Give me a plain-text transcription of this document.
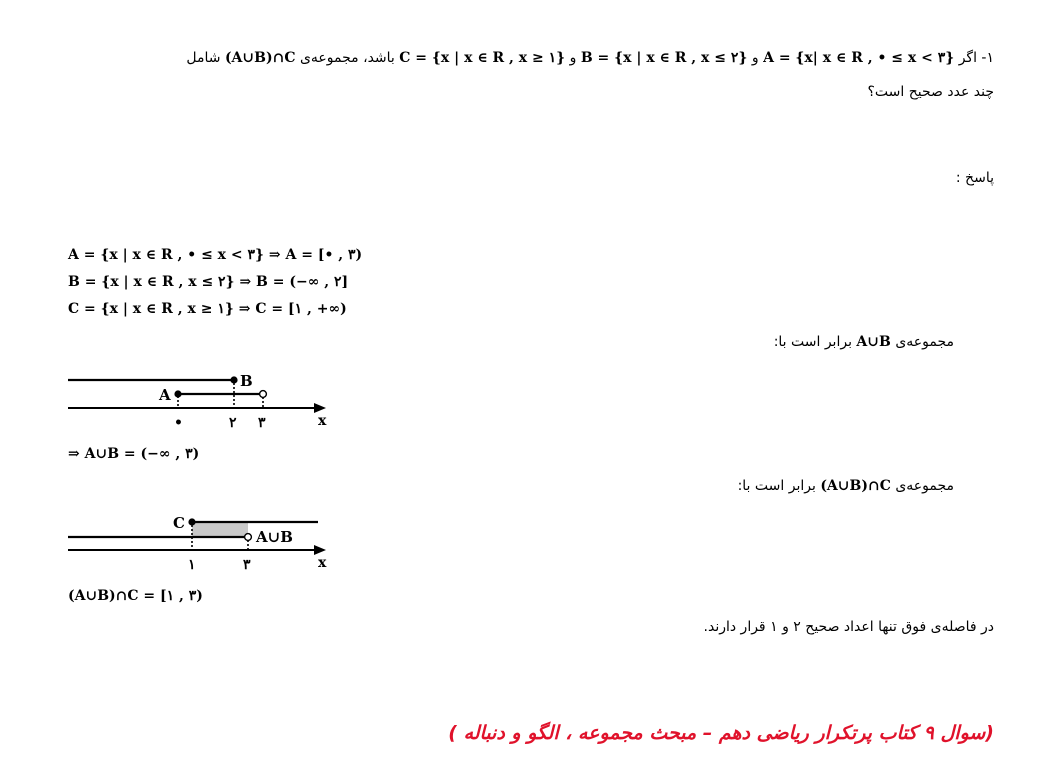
۱- اگر A = {x| x ∈ R , • ≤ x < ۳} و B = {x | x ∈ R , x ≤ ۲} و C = {x | x ∈ R , x ≥ ۱} باشد، مجموعه‌ی (A∪B)∩C شامل
چند عدد صحیح است؟
پاسخ :
A = {x | x ∈ R , • ≤ x < ۳} ⇒ A = [• , ۳)
B = {x | x ∈ R , x ≤ ۲} ⇒ B = (−∞ , ۲]
C = {x | x ∈ R , x ≥ ۱} ⇒ C = [۱ , +∞)
مجموعه‌ی A∪B برابر است با:
B
A
x
•	۲ ۳
C
A∪B
x
۱	۳
⇒ A∪B = (−∞ , ۳)
مجموعه‌ی (A∪B)∩C برابر است با:
(A∪B)∩C = [۱ , ۳)
در فاصله‌ی فوق تنها اعداد صحیح ۲ و ۱ قرار دارند.
(سوال ۹ کتاب پرتکرار ریاضی دهم – مبحث مجموعه ، الگو و دنباله )
